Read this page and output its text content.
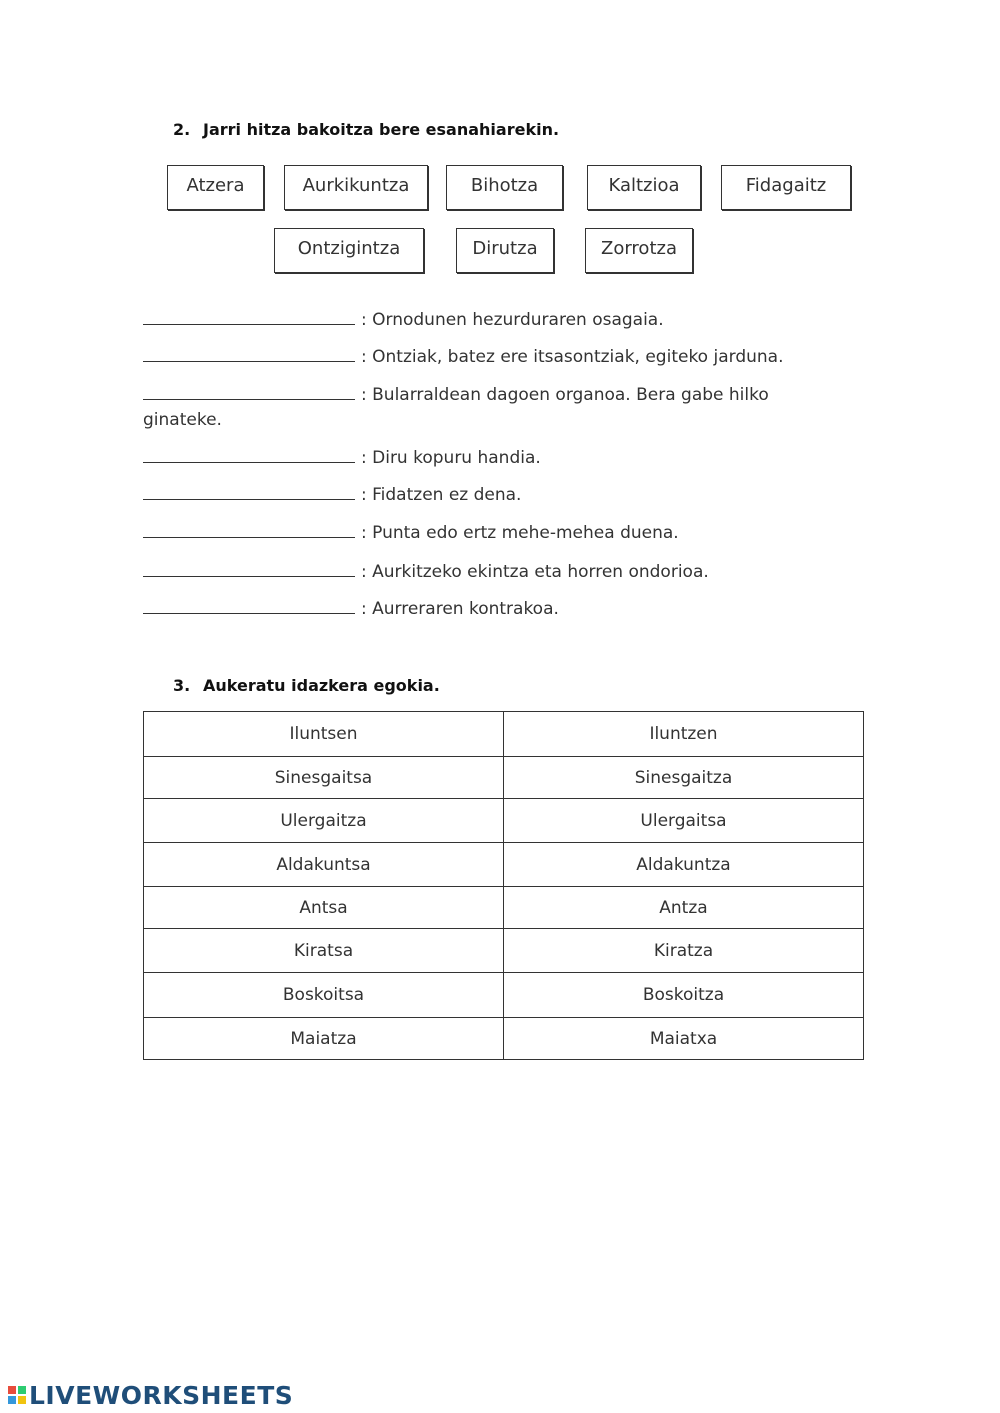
2. Jarri hitza bakoitza bere esanahiarekin.
Atzera	Aurkikuntza	Bihotza	Kaltzioa	Fidagaitz
Ontzigintza	Dirutza	Zorrotza
: Ornodunen hezurduraren osagaia.
: Ontziak, batez ere itsasontziak, egiteko jarduna.
: Bularraldean dagoen organoa. Bera gabe hilko ginateke.
: Diru kopuru handia.
: Fidatzen ez dena.
: Punta edo ertz mehe-mehea duena.
: Aurkitzeko ekintza eta horren ondorioa.
: Aurreraren kontrakoa.
3. Aukeratu idazkera egokia.
Iluntsen	Iluntzen
Sinesgaitsa	Sinesgaitza
Ulergaitza	Ulergaitsa
Aldakuntsa	Aldakuntza
Antsa	Antza
Kiratsa	Kiratza
Boskoitsa	Boskoitza
Maiatza	Maiatxa
LIVEWORKSHEETS
